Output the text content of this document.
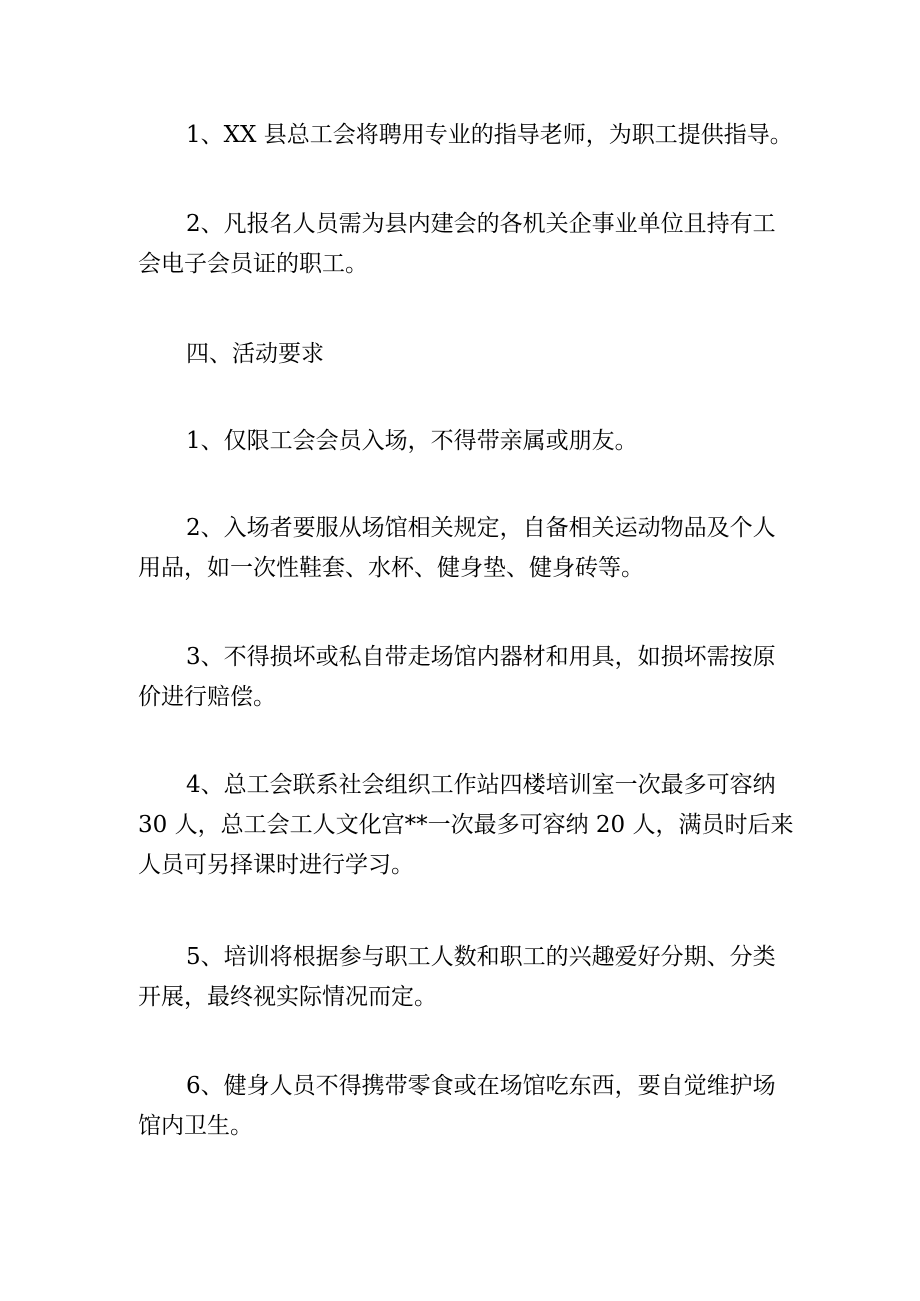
1、XX 县总工会将聘用专业的指导老师，为职工提供指导。
2、凡报名人员需为县内建会的各机关企事业单位且持有工
会电子会员证的职工。
四、活动要求
1、仅限工会会员入场，不得带亲属或朋友。
2、入场者要服从场馆相关规定，自备相关运动物品及个人
用品，如一次性鞋套、水杯、健身垫、健身砖等。
3、不得损坏或私自带走场馆内器材和用具，如损坏需按原
价进行赔偿。
4、总工会联系社会组织工作站四楼培训室一次最多可容纳
30 人，总工会工人文化宫**一次最多可容纳 20 人，满员时后来
人员可另择课时进行学习。
5、培训将根据参与职工人数和职工的兴趣爱好分期、分类
开展，最终视实际情况而定。
6、健身人员不得携带零食或在场馆吃东西，要自觉维护场
馆内卫生。
